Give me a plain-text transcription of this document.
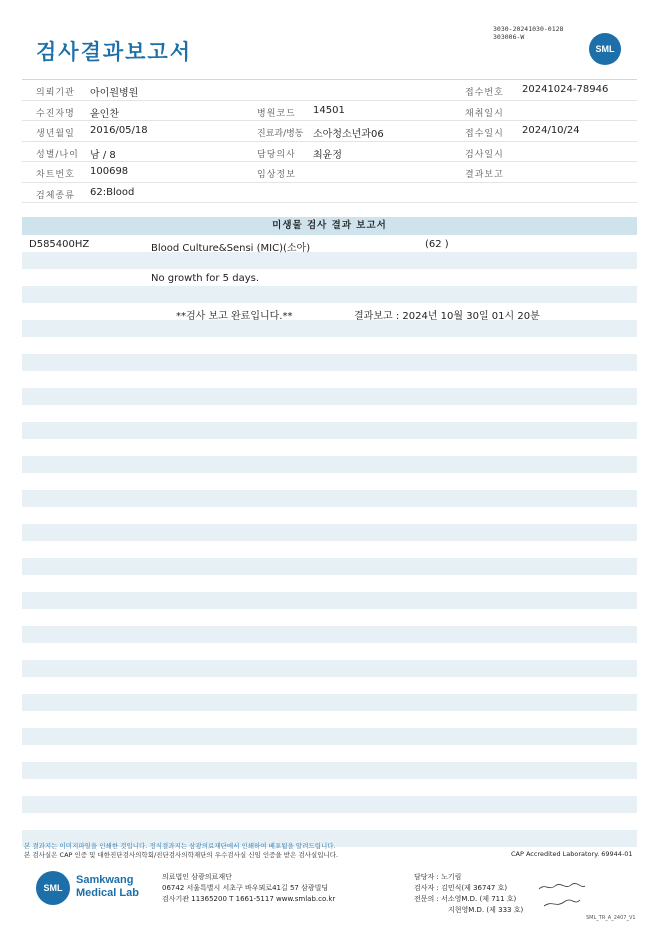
검사결과보고서
3030-20241030-0128
303006-W
SML
의뢰기관 아이원병원	접수번호 20241024-78946
수진자명 윤인찬	병원코드 14501	채취일시
생년월일 2016/05/18	진료과/병동 소아청소년과06	접수일시 2024/10/24
성별/나이 남 / 8	담당의사 최윤정	검사일시
차트번호 100698	임상정보	결과보고
검체종류 62:Blood
미생물 검사 결과 보고서
D585400HZ	Blood Culture&Sensi (MIC)(소아)	(62 )
No growth for 5 days.
**검사 보고 완료입니다.**	결과보고 : 2024년 10월 30일 01시 20분
본 결과지는 이미지파일을 인쇄한 것입니다. 정식결과지는 삼광의료재단에서 인쇄하여 배포됨을 알려드립니다.
본 검사실은 CAP 인증 및 대한진단검사의학회/진단검사의학재단의 우수검사실 신임 인증을 받은 검사실입니다.	CAP Accredited Laboratory. 69944-01
SML
Samkwang
Medical Lab
의료법인 삼광의료재단
06742 서울특별시 서초구 바우뫼로41길 57 삼광빌딩
검사기관 11365200 T 1661-5117 www.smlab.co.kr
담당자 : 노기림
검사자 : 김민식(제 36747 호)
전문의 : 서소영M.D. (제 711 호)
지현영M.D. (제 333 호)
SML_TR_A_2407_V1
